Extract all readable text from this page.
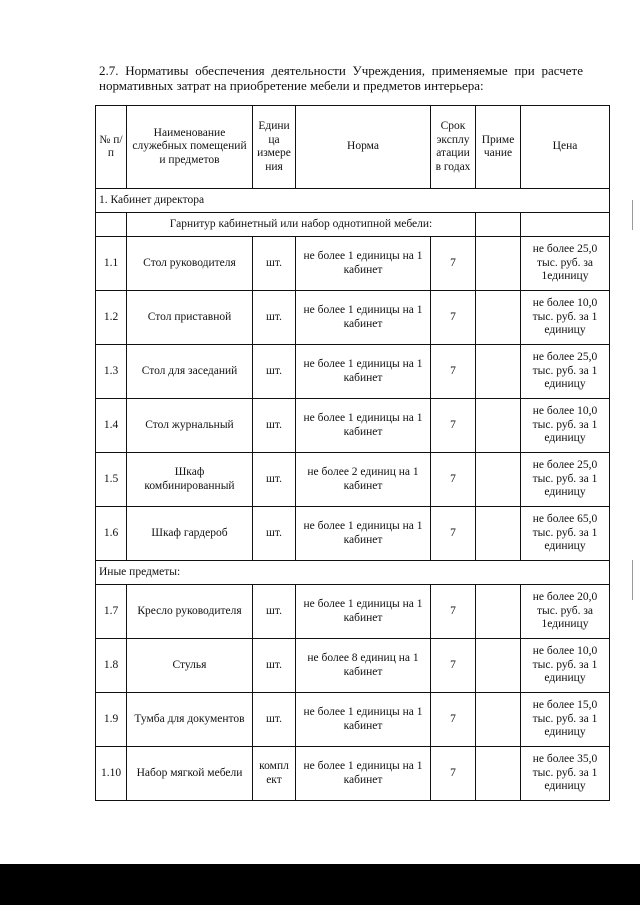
2.7. Нормативы обеспечения деятельности Учреждения, применяемые при расчете нормативных затрат на приобретение мебели и предметов интерьера:
№ п/п	Наименование служебных помещений и предметов	Едини ца измере ния	Норма	Срок эксплу атации в годах	Приме чание	Цена
1. Кабинет директора						
	Гарнитур кабинетный или набор однотипной мебели:					
1.1	Стол руководителя	шт.	не более 1 единицы на 1 кабинет	7		не более 25,0 тыс. руб. за 1единицу
1.2	Стол приставной	шт.	не более 1 единицы на 1 кабинет	7		не более 10,0 тыс. руб. за 1 единицу
1.3	Стол для заседаний	шт.	не более 1 единицы на 1 кабинет	7		не более 25,0 тыс. руб. за 1 единицу
1.4	Стол журнальный	шт.	не более 1 единицы на 1 кабинет	7		не более 10,0 тыс. руб. за 1 единицу
1.5	Шкаф комбинированный	шт.	не более 2 единиц на 1 кабинет	7		не более 25,0 тыс. руб. за 1 единицу
1.6	Шкаф гардероб	шт.	не более 1 единицы на 1 кабинет	7		не более 65,0 тыс. руб. за 1 единицу
Иные предметы:						
1.7	Кресло руководителя	шт.	не более 1 единицы на 1 кабинет	7		не более 20,0 тыс. руб. за 1единицу
1.8	Стулья	шт.	не более 8 единиц на 1 кабинет	7		не более 10,0 тыс. руб. за 1 единицу
1.9	Тумба для документов	шт.	не более 1 единицы на 1 кабинет	7		не более 15,0 тыс. руб. за 1 единицу
1.10	Набор мягкой мебели	компл ект	не более 1 единицы на 1 кабинет	7		не более 35,0 тыс. руб. за 1 единицу
